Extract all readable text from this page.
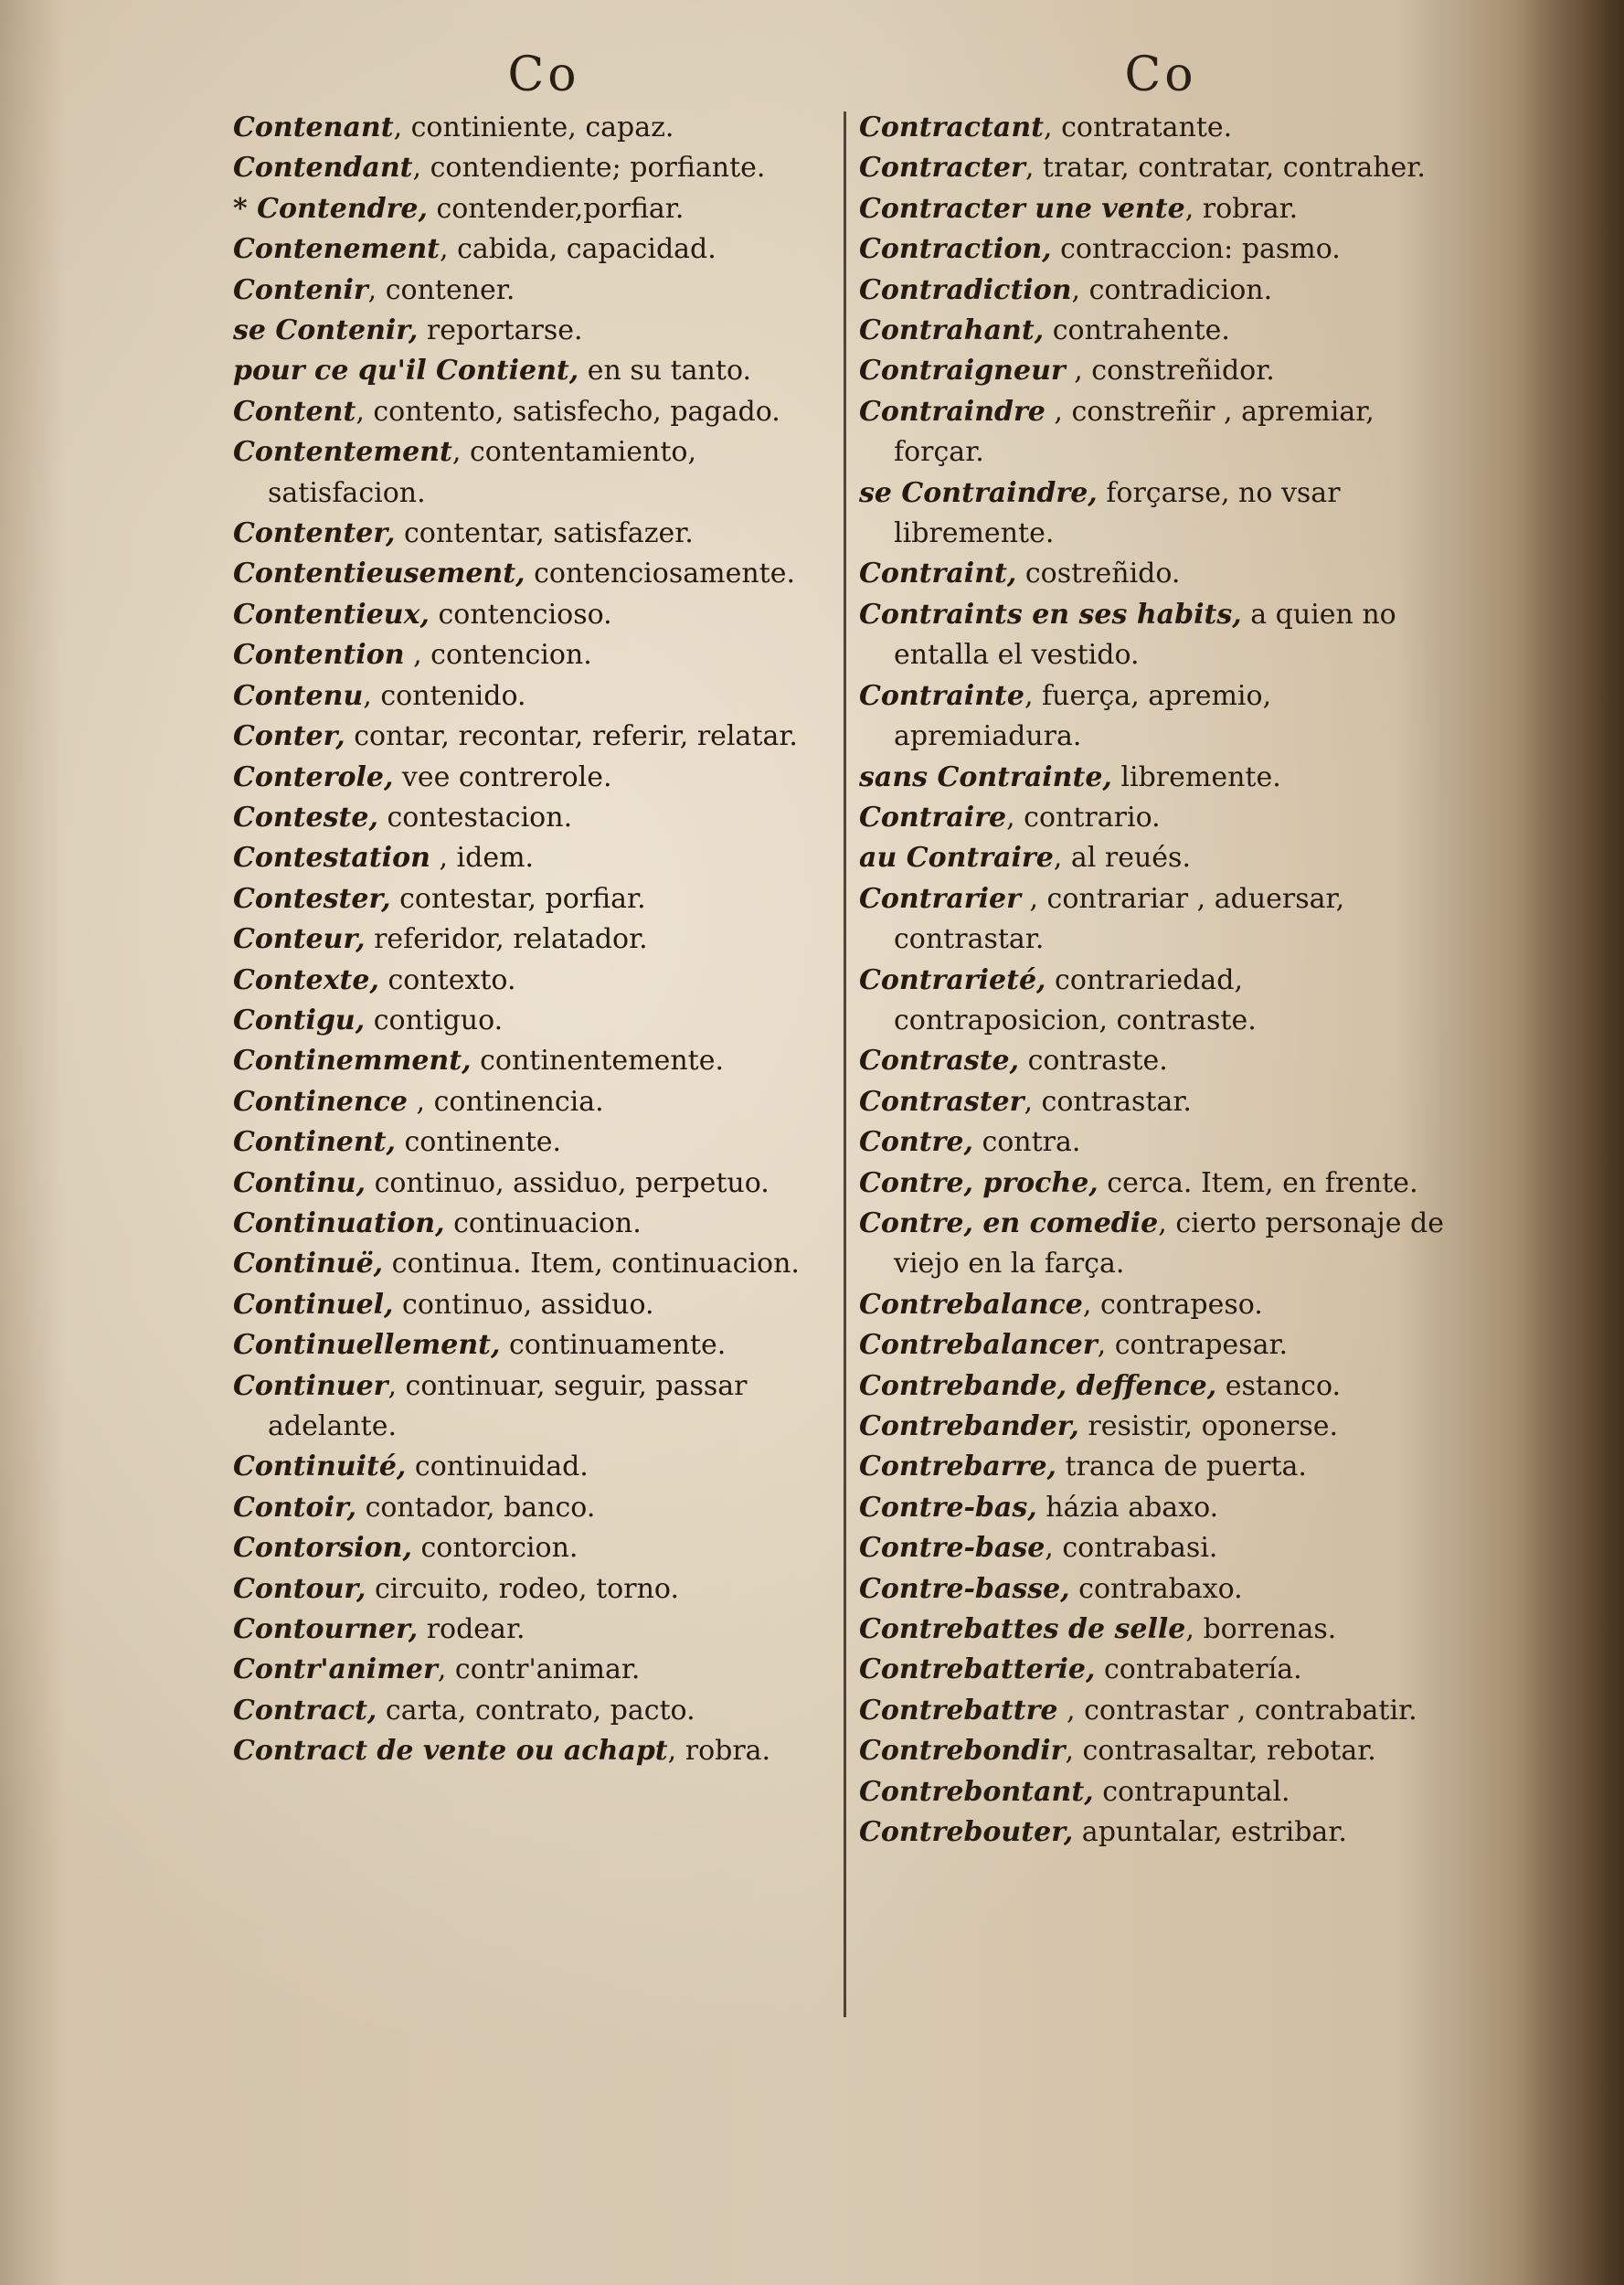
Co
Contenant, continiente, capaz.
Contendant, contendiente; porfiante.
* Contendre, contender,porfiar.
Contenement, cabida, capacidad.
Contenir, contener.
se Contenir, reportarse.
pour ce qu'il Contient, en su tanto.
Content, contento, satisfecho, pagado.
Contentement, contentamiento, satisfacion.
Contenter, contentar, satisfazer.
Contentieusement, contenciosamente.
Contentieux, contencioso.
Contention , contencion.
Contenu, contenido.
Conter, contar, recontar, referir, relatar.
Conterole, vee contrerole.
Conteste, contestacion.
Contestation , idem.
Contester, contestar, porfiar.
Conteur, referidor, relatador.
Contexte, contexto.
Contigu, contiguo.
Continemment, continentemente.
Continence , continencia.
Continent, continente.
Continu, continuo, assiduo, perpetuo.
Continuation, continuacion.
Continuë, continua. Item, continuacion.
Continuel, continuo, assiduo.
Continuellement, continuamente.
Continuer, continuar, seguir, passar adelante.
Continuité, continuidad.
Contoir, contador, banco.
Contorsion, contorcion.
Contour, circuito, rodeo, torno.
Contourner, rodear.
Contr'animer, contr'animar.
Contract, carta, contrato, pacto.
Contract de vente ou achapt, robra.
Co
Contractant, contratante.
Contracter, tratar, contratar, contraher.
Contracter une vente, robrar.
Contraction, contraccion: pasmo.
Contradiction, contradicion.
Contrahant, contrahente.
Contraigneur , constreñidor.
Contraindre , constreñir , apremiar, forçar.
se Contraindre, forçarse, no vsar libremente.
Contraint, costreñido.
Contraints en ses habits, a quien no entalla el vestido.
Contrainte, fuerça, apremio, apremiadura.
sans Contrainte, libremente.
Contraire, contrario.
au Contraire, al reués.
Contrarier , contrariar , aduersar, contrastar.
Contrarieté, contrariedad, contraposicion, contraste.
Contraste, contraste.
Contraster, contrastar.
Contre, contra.
Contre, proche, cerca. Item, en frente.
Contre, en comedie, cierto personaje de viejo en la farça.
Contrebalance, contrapeso.
Contrebalancer, contrapesar.
Contrebande, deffence, estanco.
Contrebander, resistir, oponerse.
Contrebarre, tranca de puerta.
Contre-bas, házia abaxo.
Contre-base, contrabasi.
Contre-basse, contrabaxo.
Contrebattes de selle, borrenas.
Contrebatterie, contrabatería.
Contrebattre , contrastar , contrabatir.
Contrebondir, contrasaltar, rebotar.
Contrebontant, contrapuntal.
Contrebouter, apuntalar, estribar.
